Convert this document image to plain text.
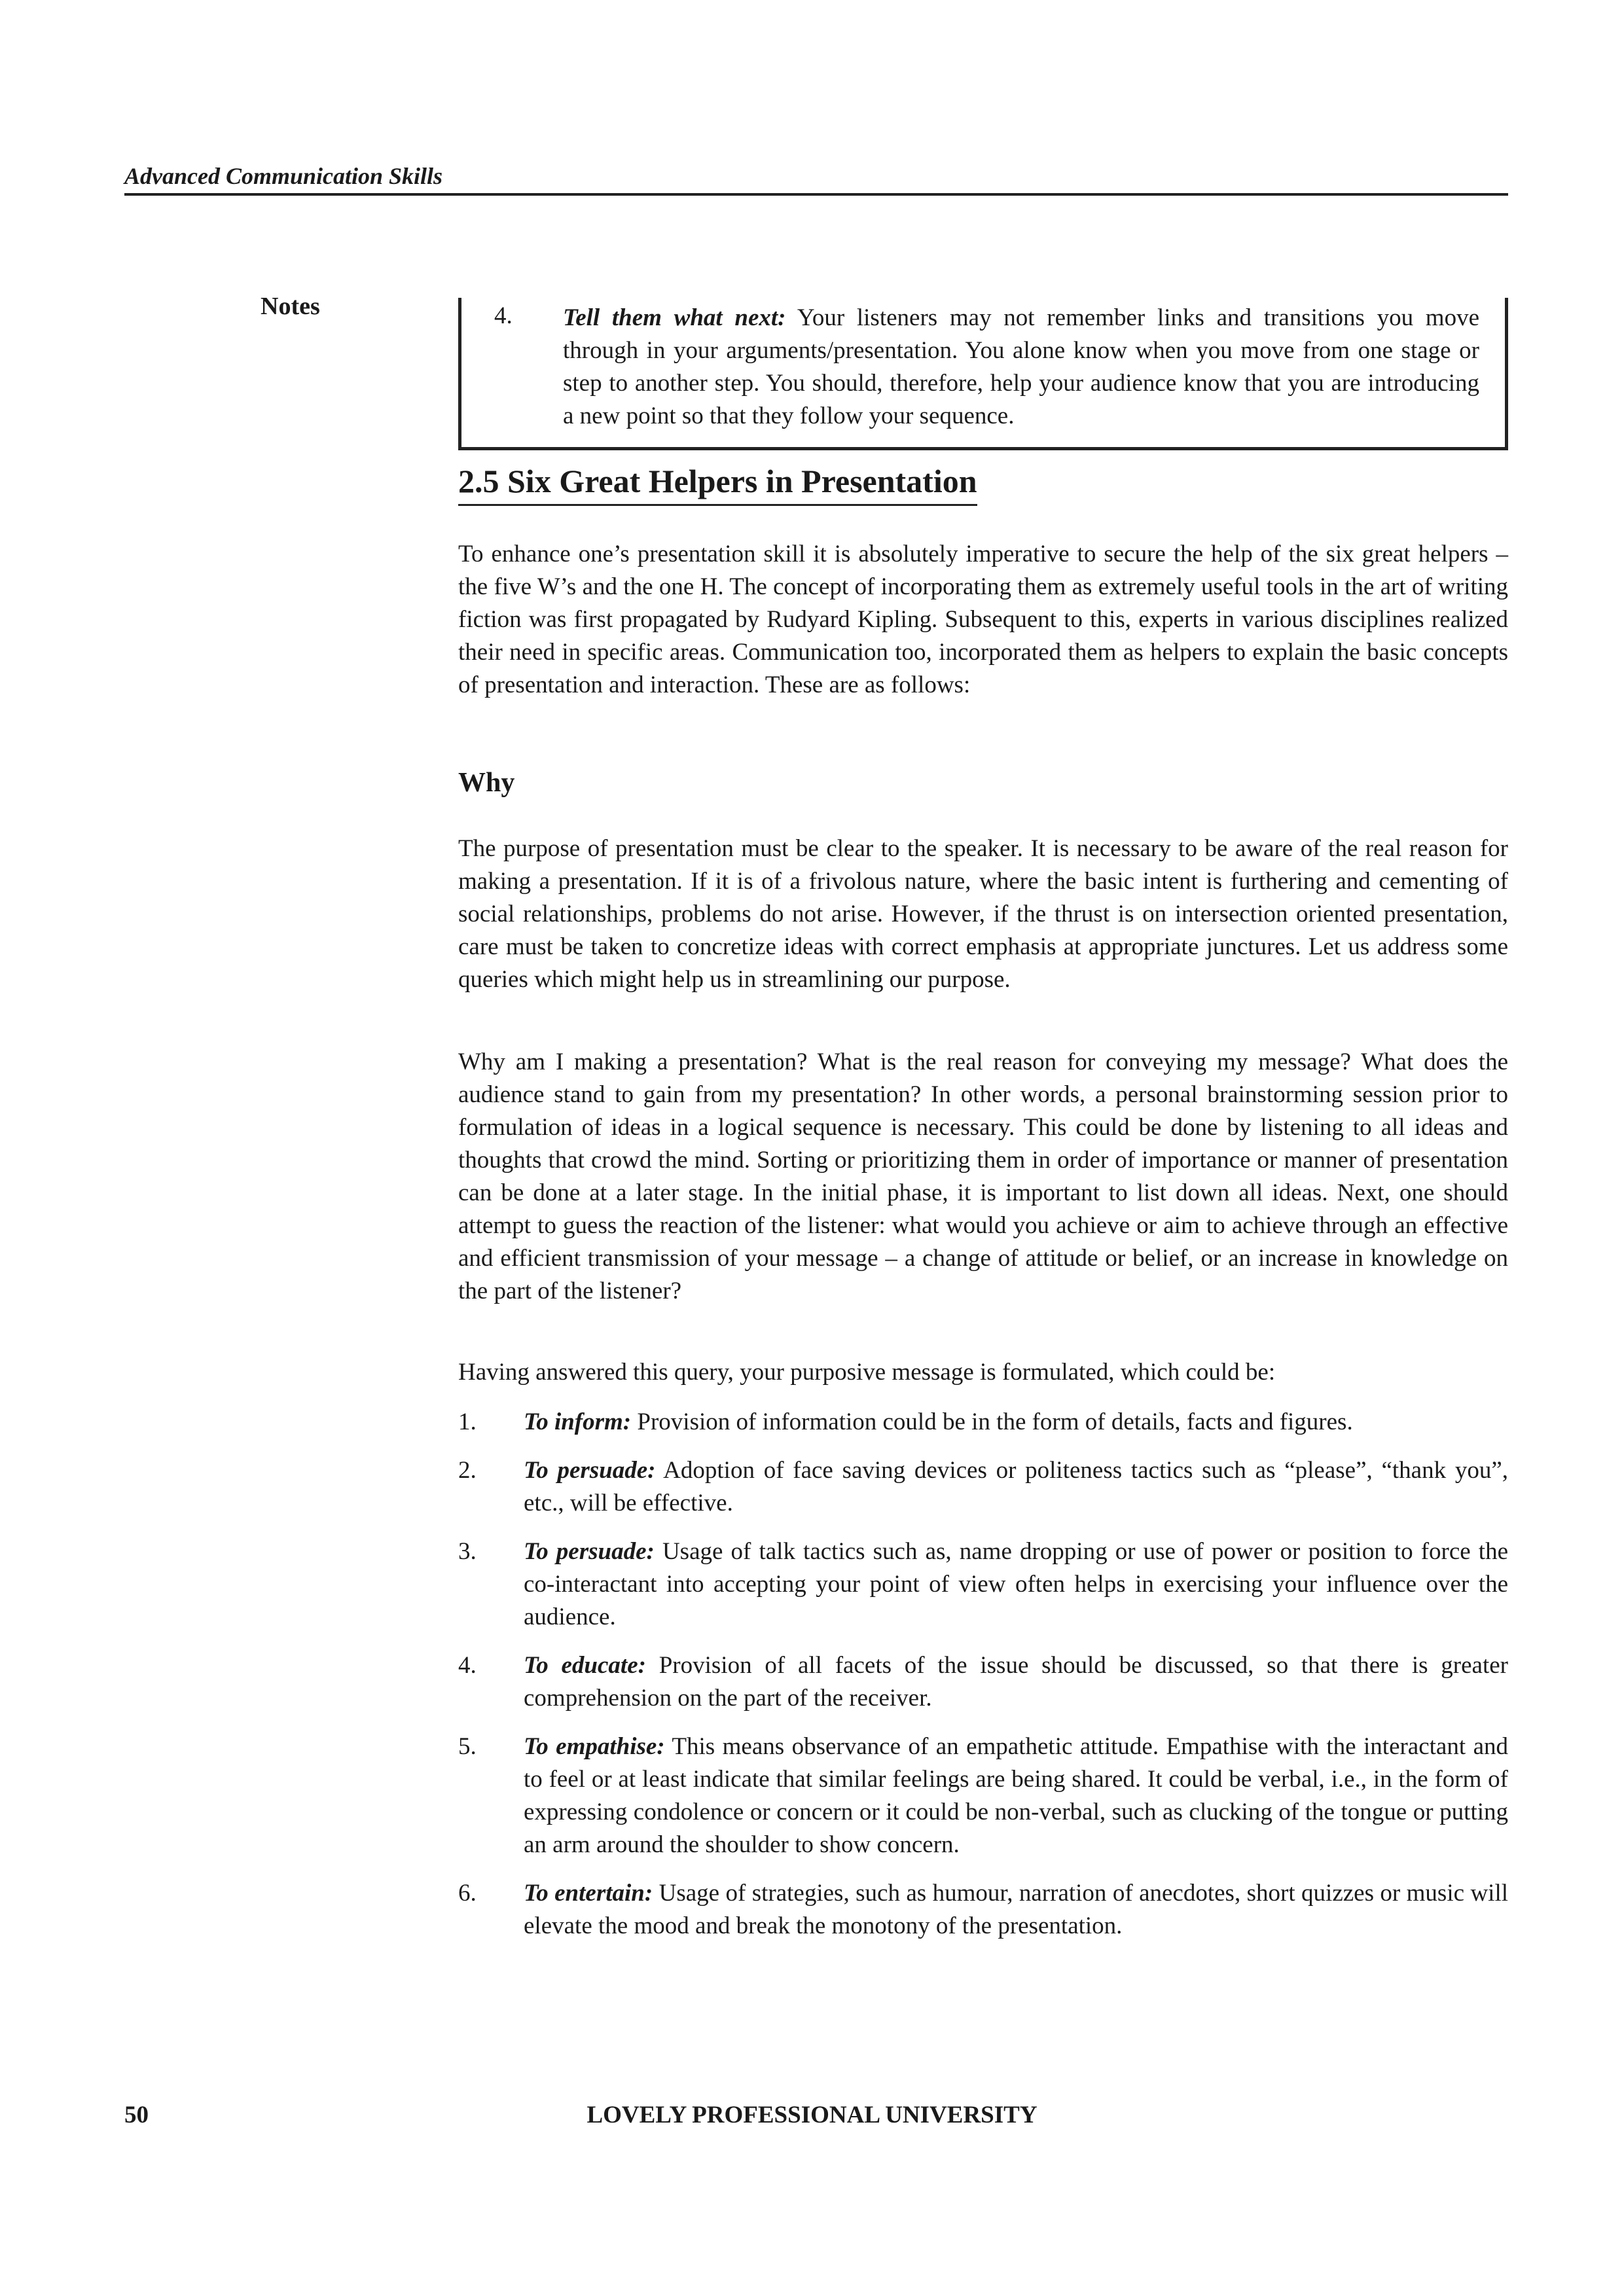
Advanced Communication Skills
Notes	4. Tell them what next: Your listeners may not remember links and transitions you move through in your arguments/presentation. You alone know when you move from one stage or step to another step. You should, therefore, help your audience know that you are introducing a new point so that they follow your sequence.
2.5 Six Great Helpers in Presentation

To enhance one’s presentation skill it is absolutely imperative to secure the help of the six great helpers – the five W’s and the one H. The concept of incorporating them as extremely useful tools in the art of writing fiction was first propagated by Rudyard Kipling. Subsequent to this, experts in various disciplines realized their need in specific areas. Communication too, incorporated them as helpers to explain the basic concepts of presentation and interaction. These are as follows:

Why

The purpose of presentation must be clear to the speaker. It is necessary to be aware of the real reason for making a presentation. If it is of a frivolous nature, where the basic intent is furthering and cementing of social relationships, problems do not arise. However, if the thrust is on intersection oriented presentation, care must be taken to concretize ideas with correct emphasis at appropriate junctures. Let us address some queries which might help us in streamlining our purpose.

Why am I making a presentation? What is the real reason for conveying my message? What does the audience stand to gain from my presentation? In other words, a personal brainstorming session prior to formulation of ideas in a logical sequence is necessary. This could be done by listening to all ideas and thoughts that crowd the mind. Sorting or prioritizing them in order of importance or manner of presentation can be done at a later stage. In the initial phase, it is important to list down all ideas. Next, one should attempt to guess the reaction of the listener: what would you achieve or aim to achieve through an effective and efficient transmission of your message – a change of attitude or belief, or an increase in knowledge on the part of the listener?

Having answered this query, your purposive message is formulated, which could be:

1. To inform: Provision of information could be in the form of details, facts and figures.
2. To persuade: Adoption of face saving devices or politeness tactics such as “please”, “thank you”, etc., will be effective.
3. To persuade: Usage of talk tactics such as, name dropping or use of power or position to force the co-interactant into accepting your point of view often helps in exercising your influence over the audience.
4. To educate: Provision of all facets of the issue should be discussed, so that there is greater comprehension on the part of the receiver.
5. To empathise: This means observance of an empathetic attitude. Empathise with the interactant and to feel or at least indicate that similar feelings are being shared. It could be verbal, i.e., in the form of expressing condolence or concern or it could be non-verbal, such as clucking of the tongue or putting an arm around the shoulder to show concern.
6. To entertain: Usage of strategies, such as humour, narration of anecdotes, short quizzes or music will elevate the mood and break the monotony of the presentation.
LOVELY PROFESSIONAL UNIVERSITY
50
